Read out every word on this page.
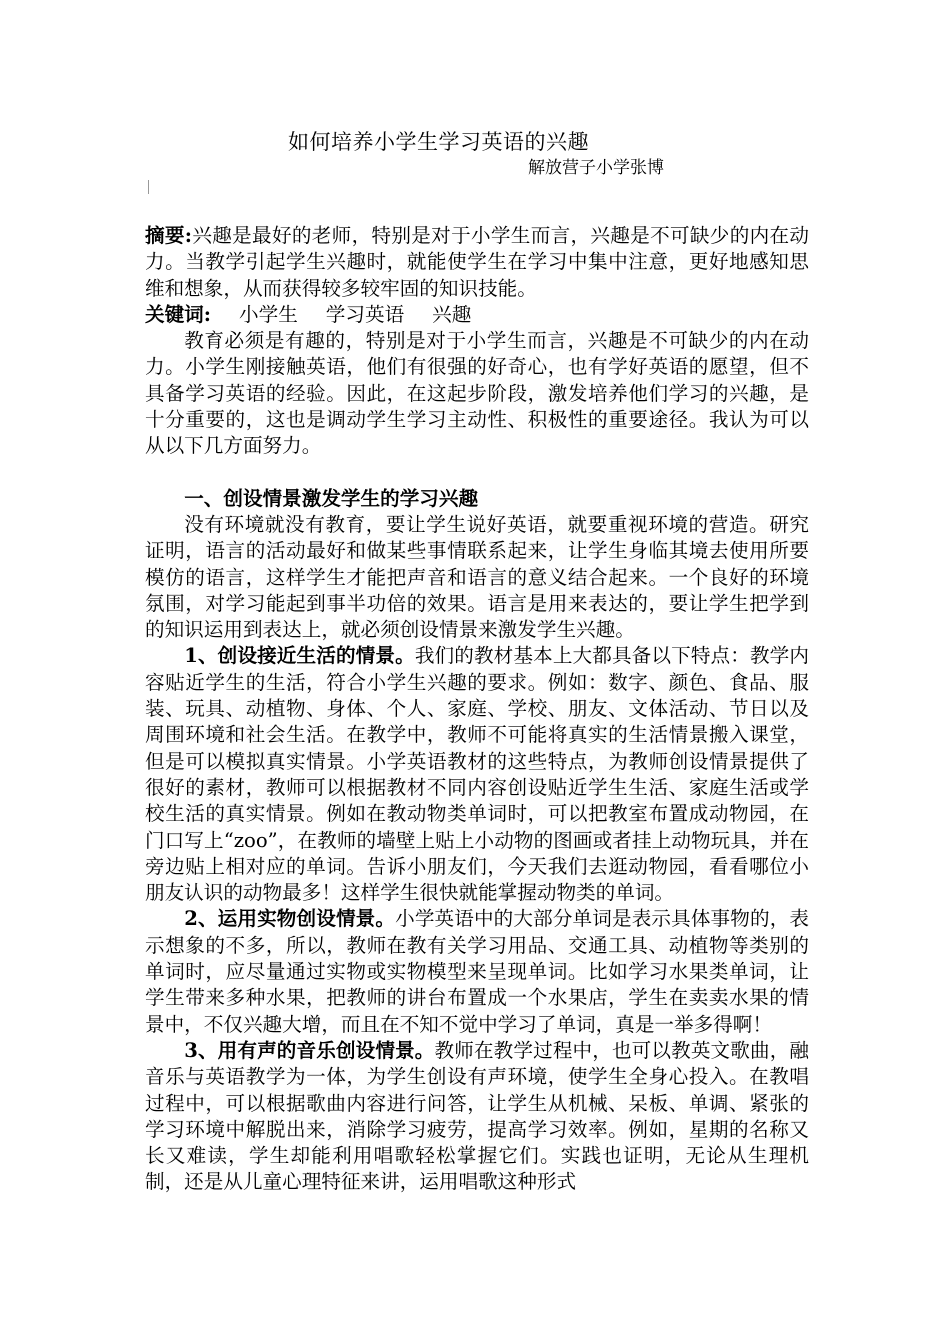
如何培养小学生学习英语的兴趣
解放营子小学张博

摘要:兴趣是最好的老师，特别是对于小学生而言，兴趣是不可缺少的内在动力。当教学引起学生兴趣时，就能使学生在学习中集中注意，更好地感知思维和想象，从而获得较多较牢固的知识技能。

关键词: 小学生 学习英语 兴趣

教育必须是有趣的，特别是对于小学生而言，兴趣是不可缺少的内在动力。小学生刚接触英语，他们有很强的好奇心，也有学好英语的愿望，但不具备学习英语的经验。因此，在这起步阶段，激发培养他们学习的兴趣，是十分重要的，这也是调动学生学习主动性、积极性的重要途径。我认为可以从以下几方面努力。

一、创设情景激发学生的学习兴趣

没有环境就没有教育，要让学生说好英语，就要重视环境的营造。研究证明，语言的活动最好和做某些事情联系起来，让学生身临其境去使用所要模仿的语言，这样学生才能把声音和语言的意义结合起来。一个良好的环境氛围，对学习能起到事半功倍的效果。语言是用来表达的，要让学生把学到的知识运用到表达上，就必须创设情景来激发学生兴趣。

1、创设接近生活的情景。我们的教材基本上大都具备以下特点：教学内容贴近学生的生活，符合小学生兴趣的要求。例如：数字、颜色、食品、服装、玩具、动植物、身体、个人、家庭、学校、朋友、文体活动、节日以及周围环境和社会生活。在教学中，教师不可能将真实的生活情景搬入课堂，但是可以模拟真实情景。小学英语教材的这些特点，为教师创设情景提供了很好的素材，教师可以根据教材不同内容创设贴近学生生活、家庭生活或学校生活的真实情景。例如在教动物类单词时，可以把教室布置成动物园，在门口写上“zoo”，在教师的墙壁上贴上小动物的图画或者挂上动物玩具，并在旁边贴上相对应的单词。告诉小朋友们，今天我们去逛动物园，看看哪位小朋友认识的动物最多！这样学生很快就能掌握动物类的单词。

2、运用实物创设情景。小学英语中的大部分单词是表示具体事物的，表示想象的不多，所以，教师在教有关学习用品、交通工具、动植物等类别的单词时，应尽量通过实物或实物模型来呈现单词。比如学习水果类单词，让学生带来多种水果，把教师的讲台布置成一个水果店，学生在卖卖水果的情景中，不仅兴趣大增，而且在不知不觉中学习了单词，真是一举多得啊！

3、用有声的音乐创设情景。教师在教学过程中，也可以教英文歌曲，融音乐与英语教学为一体，为学生创设有声环境，使学生全身心投入。在教唱过程中，可以根据歌曲内容进行问答，让学生从机械、呆板、单调、紧张的学习环境中解脱出来，消除学习疲劳，提高学习效率。例如，星期的名称又长又难读，学生却能利用唱歌轻松掌握它们。实践也证明，无论从生理机制，还是从儿童心理特征来讲，运用唱歌这种形式
